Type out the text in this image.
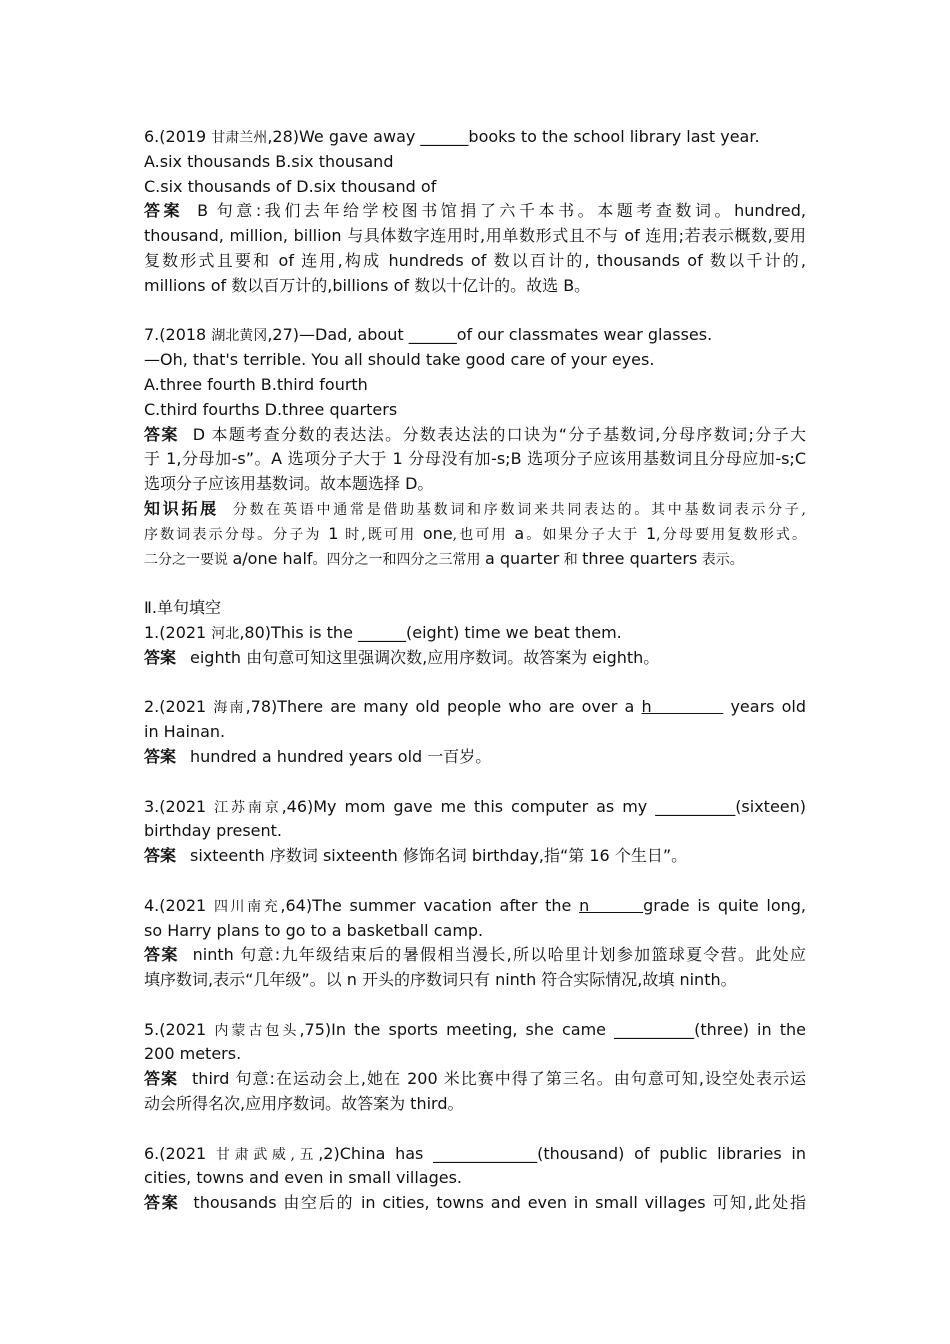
6.(2019 甘肃兰州,28)We gave away ______books to the school library last year.
A.six thousands B.six thousand
C.six thousands of D.six thousand of
答案 B 句意:我们去年给学校图书馆捐了六千本书。本题考查数词。hundred,
thousand, million, billion 与具体数字连用时,用单数形式且不与 of 连用;若表示概数,要用
复数形式且要和 of 连用,构成 hundreds of 数以百计的, thousands of 数以千计的,
millions of 数以百万计的,billions of 数以十亿计的。故选 B。
7.(2018 湖北黄冈,27)—Dad, about ______of our classmates wear glasses.
—Oh, that's terrible. You all should take good care of your eyes.
A.three fourth B.third fourth
C.third fourths D.three quarters
答案 D 本题考查分数的表达法。分数表达法的口诀为“分子基数词,分母序数词;分子大
于 1,分母加-s”。A 选项分子大于 1 分母没有加-s;B 选项分子应该用基数词且分母应加-s;C
选项分子应该用基数词。故本题选择 D。
知识拓展 分数在英语中通常是借助基数词和序数词来共同表达的。其中基数词表示分子,
序数词表示分母。分子为 1 时,既可用 one,也可用 a。如果分子大于 1,分母要用复数形式。
二分之一要说 a/one half。四分之一和四分之三常用 a quarter 和 three quarters 表示。
Ⅱ.单句填空
1.(2021 河北,80)This is the ______(eight) time we beat them.
答案 eighth 由句意可知这里强调次数,应用序数词。故答案为 eighth。
2.(2021 海南,78)There are many old people who are over a h           years old
in Hainan.
答案 hundred a hundred years old 一百岁。
3.(2021 江苏南京,46)My mom gave me this computer as my __________(sixteen)
birthday present.
答案 sixteenth 序数词 sixteenth 修饰名词 birthday,指“第 16 个生日”。
4.(2021 四川南充,64)The summer vacation after the n       grade is quite long,
so Harry plans to go to a basketball camp.
答案 ninth 句意:九年级结束后的暑假相当漫长,所以哈里计划参加篮球夏令营。此处应
填序数词,表示“几年级”。以 n 开头的序数词只有 ninth 符合实际情况,故填 ninth。
5.(2021 内蒙古包头,75)In the sports meeting, she came __________(three) in the
200 meters.
答案 third 句意:在运动会上,她在 200 米比赛中得了第三名。由句意可知,设空处表示运
动会所得名次,应用序数词。故答案为 third。
6.(2021 甘肃武威,五,2)China has _____________(thousand) of public libraries in
cities, towns and even in small villages.
答案 thousands 由空后的 in cities, towns and even in small villages 可知,此处指
